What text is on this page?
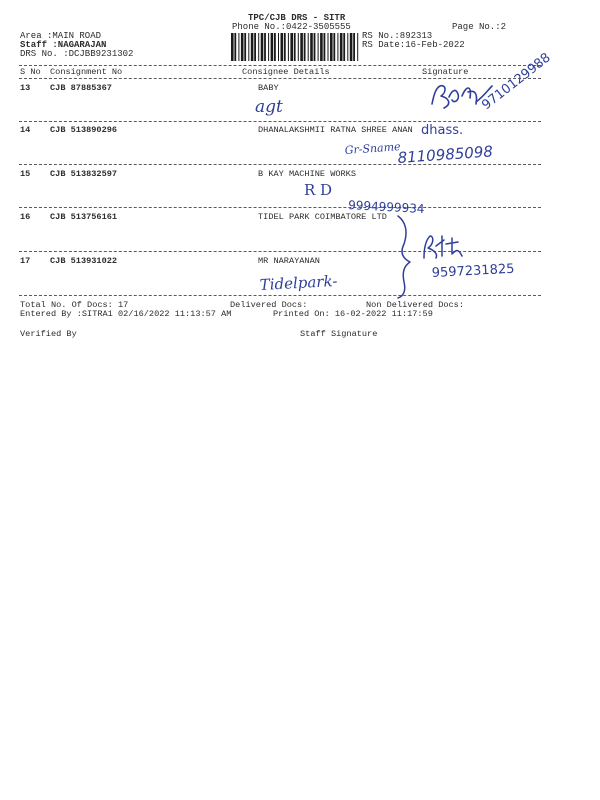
TPC/CJB DRS - SITR
Phone No.:0422-3505555	Page No.:2
Area :MAIN ROAD
Staff :NAGARAJAN
DRS No. :DCJBB9231302
RS No.:892313
RS Date:16-Feb-2022
S No Consignment No	Consignee Details	Signature
13 CJB 87885367	BABY
14 CJB 513890296	DHANALAKSHMII RATNA SHREE ANAN
15 CJB 513832597	B KAY MACHINE WORKS
16 CJB 513756161	TIDEL PARK COIMBATORE LTD
17 CJB 513931022	MR NARAYANAN
Total No. Of Docs: 17	Delivered Docs:	Non Delivered Docs:
Entered By :SITRA1 02/16/2022 11:13:57 AM	Printed On: 16-02-2022 11:17:59
Verified By	Staff Signature
agt	9710129988
dhass.
Gr-Sname
8110985098
R D
9994999934
9597231825
Tidelpark-
